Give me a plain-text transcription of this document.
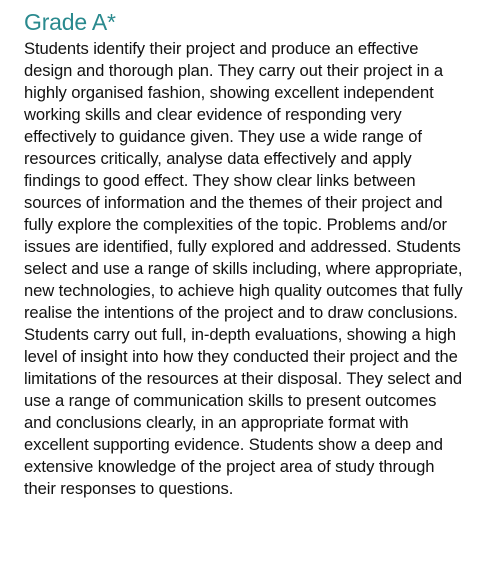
Grade A*

Students identify their project and produce an effective design and thorough plan. They carry out their project in a highly organised fashion, showing excellent independent working skills and clear evidence of responding very effectively to guidance given. They use a wide range of resources critically, analyse data effectively and apply findings to good effect. They show clear links between sources of information and the themes of their project and fully explore the complexities of the topic. Problems and/or issues are identified, fully explored and addressed. Students select and use a range of skills including, where appropriate, new technologies, to achieve high quality outcomes that fully realise the intentions of the project and to draw conclusions. Students carry out full, in-depth evaluations, showing a high level of insight into how they conducted their project and the limitations of the resources at their disposal. They select and use a range of communication skills to present outcomes and conclusions clearly, in an appropriate format with excellent supporting evidence. Students show a deep and extensive knowledge of the project area of study through their responses to questions.
